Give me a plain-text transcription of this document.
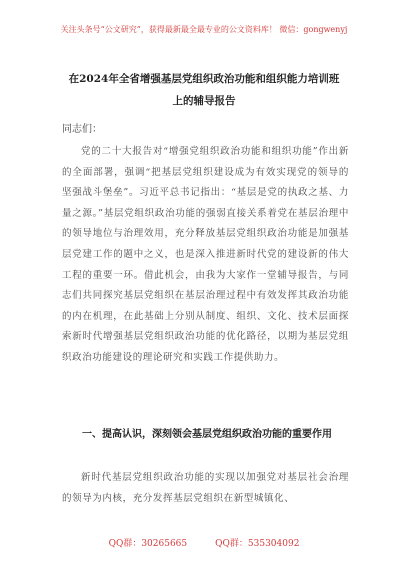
关注头条号“公文研究”，获得最新最全最专业的公文资料库！ 微信：gongwenyj
在2024年全省增强基层党组织政治功能和组织能力培训班
上的辅导报告
同志们：
党的二十大报告对“增强党组织政治功能和组织功能”作出新的全面部署，强调“把基层党组织建设成为有效实现党的领导的坚强战斗堡垒”。习近平总书记指出：“基层是党的执政之基、力量之源。”基层党组织政治功能的强弱直接关系着党在基层治理中的领导地位与治理效用，充分释放基层党组织政治功能是加强基层党建工作的题中之义，也是深入推进新时代党的建设新的伟大工程的重要一环。借此机会，由我为大家作一堂辅导报告，与同志们共同探究基层党组织在基层治理过程中有效发挥其政治功能的内在机理，在此基础上分别从制度、组织、文化、技术层面探索新时代增强基层党组织政治功能的优化路径，以期为基层党组织政治功能建设的理论研究和实践工作提供助力。
一、提高认识，深刻领会基层党组织政治功能的重要作用
新时代基层党组织政治功能的实现以加强党对基层社会治理的领导为内核，充分发挥基层党组织在新型城镇化、
QQ群：30265665	QQ群：535304092
